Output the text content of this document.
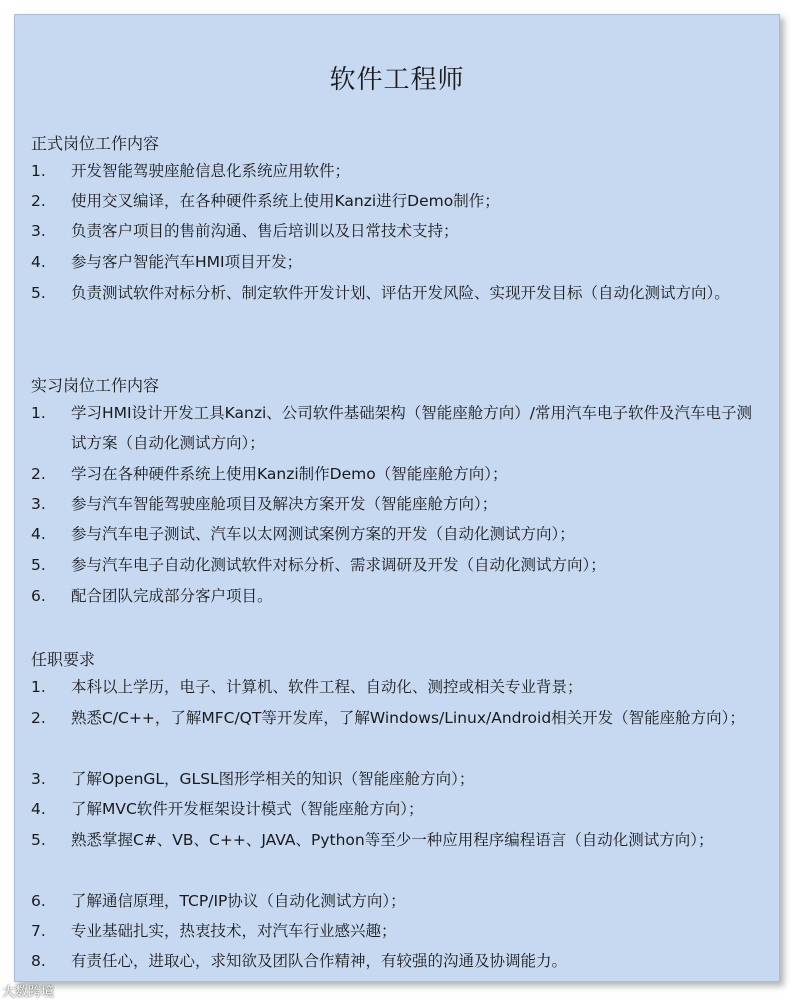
软件工程师
正式岗位工作内容
1.	开发智能驾驶座舱信息化系统应用软件；
2.	使用交叉编译，在各种硬件系统上使用Kanzi进行Demo制作；
3.	负责客户项目的售前沟通、售后培训以及日常技术支持；
4.	参与客户智能汽车HMI项目开发；
5.	负责测试软件对标分析、制定软件开发计划、评估开发风险、实现开发目标（自动化测试方向）。
实习岗位工作内容
1.	学习HMI设计开发工具Kanzi、公司软件基础架构（智能座舱方向）/常用汽车电子软件及汽车电子测试方案（自动化测试方向）；
2.	学习在各种硬件系统上使用Kanzi制作Demo（智能座舱方向）；
3.	参与汽车智能驾驶座舱项目及解决方案开发（智能座舱方向）；
4.	参与汽车电子测试、汽车以太网测试案例方案的开发（自动化测试方向）；
5.	参与汽车电子自动化测试软件对标分析、需求调研及开发（自动化测试方向）；
6.	配合团队完成部分客户项目。
任职要求
1.	本科以上学历，电子、计算机、软件工程、自动化、测控或相关专业背景；
2.	熟悉C/C++，了解MFC/QT等开发库，了解Windows/Linux/Android相关开发（智能座舱方向）；
3.	了解OpenGL，GLSL图形学相关的知识（智能座舱方向）；
4.	了解MVC软件开发框架设计模式（智能座舱方向）；
5.	熟悉掌握C#、VB、C++、JAVA、Python等至少一种应用程序编程语言（自动化测试方向）；
6.	了解通信原理，TCP/IP协议（自动化测试方向）；
7.	专业基础扎实，热衷技术，对汽车行业感兴趣；
8.	有责任心，进取心，求知欲及团队合作精神，有较强的沟通及协调能力。
大数跨境
